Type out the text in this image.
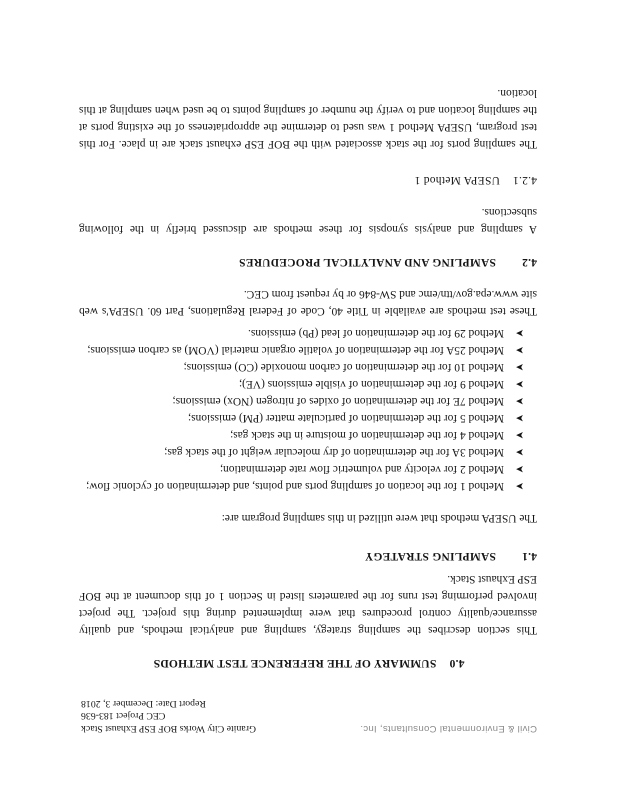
4.0 SUMMARY OF THE REFERENCE TEST METHODS

This section describes the sampling strategy, sampling and analytical methods, and quality assurance/quality control procedures that were implemented during this project. The project involved performing test runs for the parameters listed in Section 1 of this document at the BOF ESP Exhaust Stack.

4.1 SAMPLING STRATEGY

The USEPA methods that were utilized in this sampling program are:

➤
Method 1 for the location of sampling ports and points, and determination of cyclonic flow;
➤
Method 2 for velocity and volumetric flow rate determination;
➤
Method 3A for the determination of dry molecular weight of the stack gas;
➤
Method 4 for the determination of moisture in the stack gas;
➤
Method 5 for the determination of particulate matter (PM) emissions;
➤
Method 7E for the determination of oxides of nitrogen (NOx) emissions;
➤
Method 9 for the determination of visible emissions (VE);
➤
Method 10 for the determination of carbon monoxide (CO) emissions;
➤
Method 25A for the determination of volatile organic material (VOM) as carbon emissions;
➤
Method 29 for the determination of lead (Pb) emissions.

These test methods are available in Title 40, Code of Federal Regulations, Part 60. USEPA's web site www.epa.gov/ttn/emc and SW-846 or by request from CEC.

4.2 SAMPLING AND ANALYTICAL PROCEDURES

A sampling and analysis synopsis for these methods are discussed briefly in the following subsections.

4.2.1 USEPA Method 1

The sampling ports for the stack associated with the BOF ESP exhaust stack are in place. For this test program, USEPA Method 1 was used to determine the appropriateness of the existing ports at the sampling location and to verify the number of sampling points to be used when sampling at this location.

Civil & Environmental Consultants, Inc.
Granite City Works BOF ESP Exhaust Stack
CEC Project 183-636
Report Date: December 3, 2018
